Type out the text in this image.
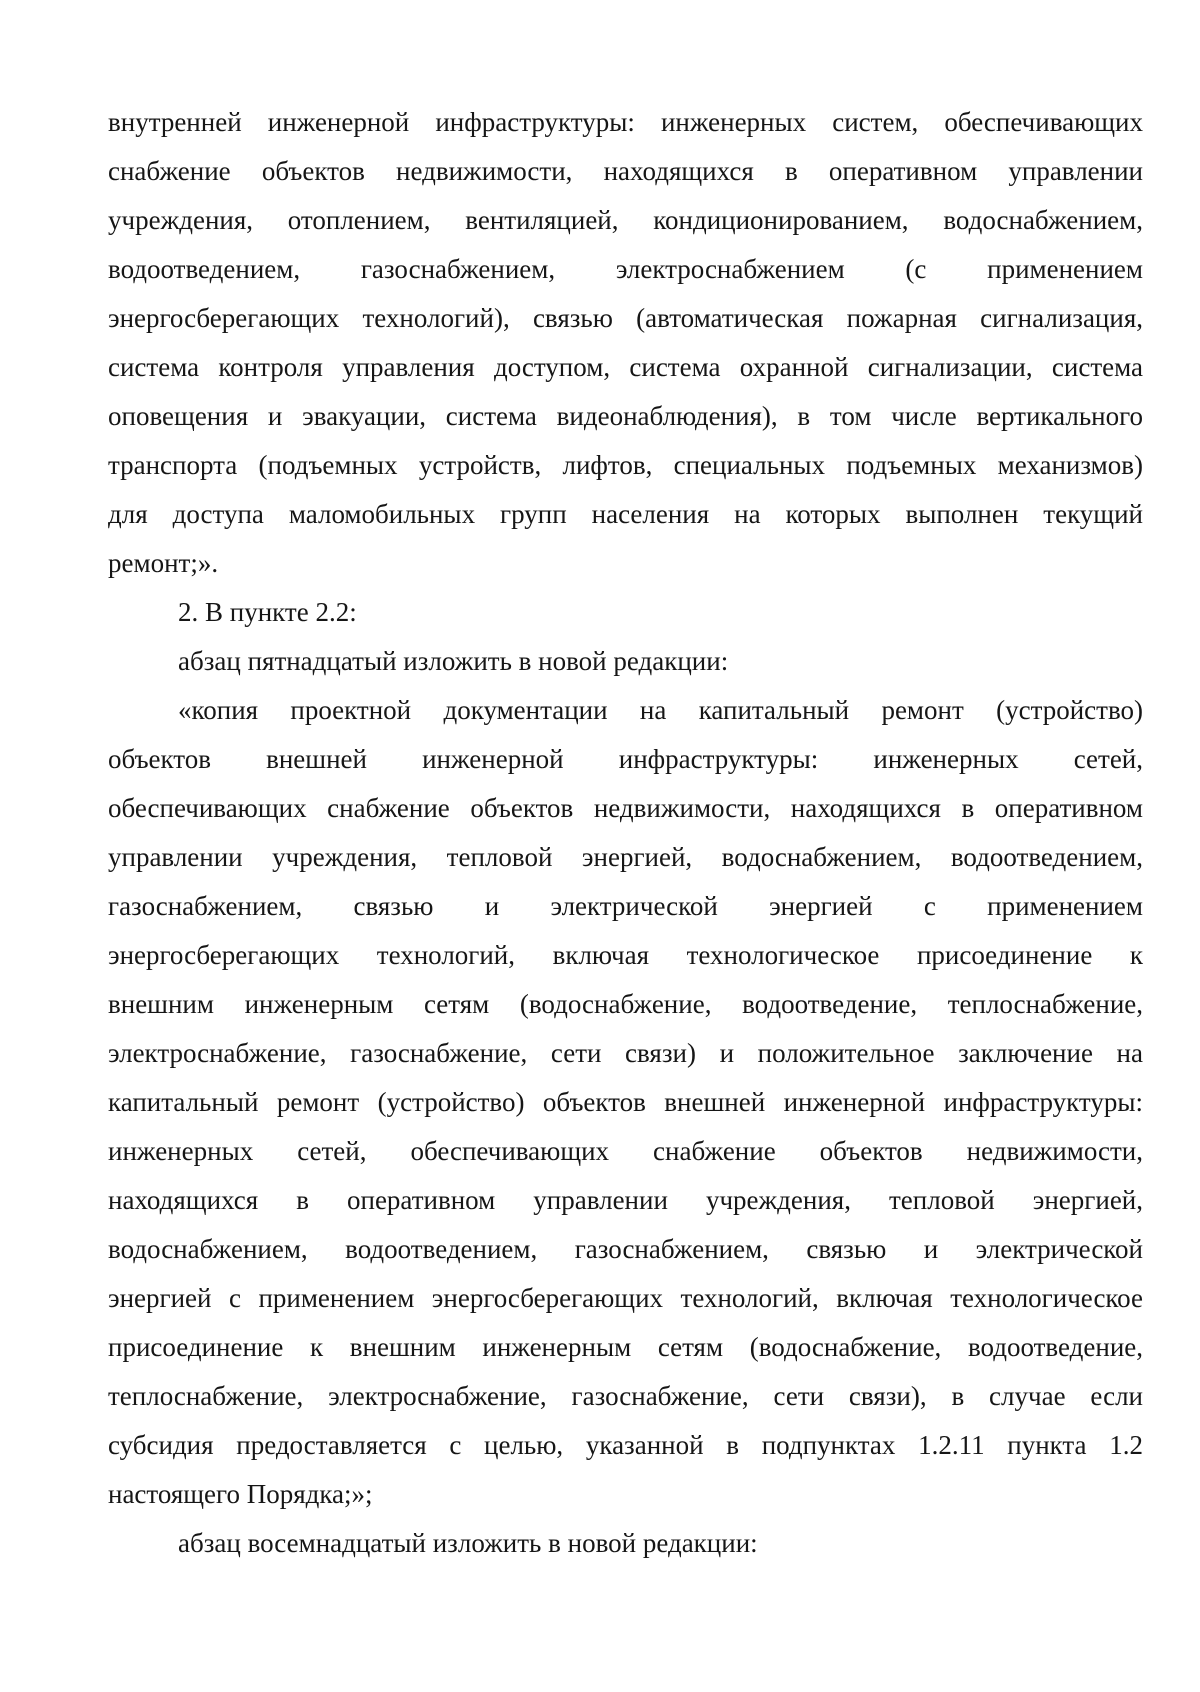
внутренней инженерной инфраструктуры: инженерных систем, обеспечивающих
снабжение объектов недвижимости, находящихся в оперативном управлении
учреждения, отоплением, вентиляцией, кондиционированием, водоснабжением,
водоотведением, газоснабжением, электроснабжением (с применением
энергосберегающих технологий), связью (автоматическая пожарная сигнализация,
система контроля управления доступом, система охранной сигнализации, система
оповещения и эвакуации, система видеонаблюдения), в том числе вертикального
транспорта (подъемных устройств, лифтов, специальных подъемных механизмов)
для доступа маломобильных групп населения на которых выполнен текущий
ремонт;».
2. В пункте 2.2:
абзац пятнадцатый изложить в новой редакции:
«копия проектной документации на капитальный ремонт (устройство)
объектов внешней инженерной инфраструктуры: инженерных сетей,
обеспечивающих снабжение объектов недвижимости, находящихся в оперативном
управлении учреждения, тепловой энергией, водоснабжением, водоотведением,
газоснабжением, связью и электрической энергией с применением
энергосберегающих технологий, включая технологическое присоединение к
внешним инженерным сетям (водоснабжение, водоотведение, теплоснабжение,
электроснабжение, газоснабжение, сети связи) и положительное заключение на
капитальный ремонт (устройство) объектов внешней инженерной инфраструктуры:
инженерных сетей, обеспечивающих снабжение объектов недвижимости,
находящихся в оперативном управлении учреждения, тепловой энергией,
водоснабжением, водоотведением, газоснабжением, связью и электрической
энергией с применением энергосберегающих технологий, включая технологическое
присоединение к внешним инженерным сетям (водоснабжение, водоотведение,
теплоснабжение, электроснабжение, газоснабжение, сети связи), в случае если
субсидия предоставляется с целью, указанной в подпунктах 1.2.11 пункта 1.2
настоящего Порядка;»;
абзац восемнадцатый изложить в новой редакции:
